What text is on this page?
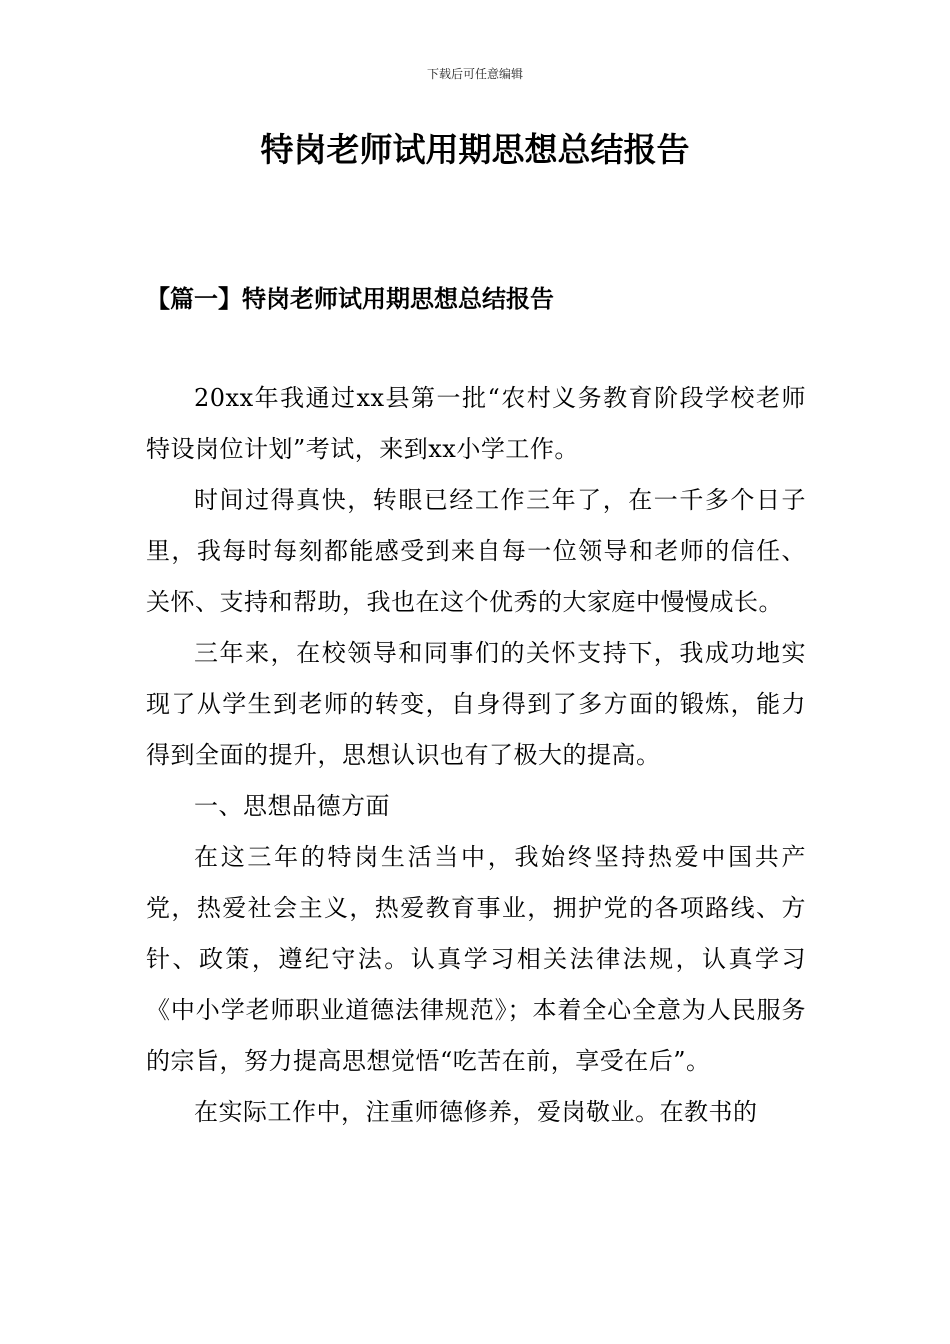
下载后可任意编辑
特岗老师试用期思想总结报告
【篇一】特岗老师试用期思想总结报告

20xx年我通过xx县第一批“农村义务教育阶段学校老师特设岗位计划”考试，来到xx小学工作。

时间过得真快，转眼已经工作三年了，在一千多个日子里，我每时每刻都能感受到来自每一位领导和老师的信任、关怀、支持和帮助，我也在这个优秀的大家庭中慢慢成长。

三年来，在校领导和同事们的关怀支持下，我成功地实现了从学生到老师的转变，自身得到了多方面的锻炼，能力得到全面的提升，思想认识也有了极大的提高。

一、思想品德方面

在这三年的特岗生活当中，我始终坚持热爱中国共产党，热爱社会主义，热爱教育事业，拥护党的各项路线、方针、政策，遵纪守法。认真学习相关法律法规，认真学习《中小学老师职业道德法律规范》；本着全心全意为人民服务的宗旨，努力提高思想觉悟“吃苦在前，享受在后”。

在实际工作中，注重师德修养，爱岗敬业。在教书的
